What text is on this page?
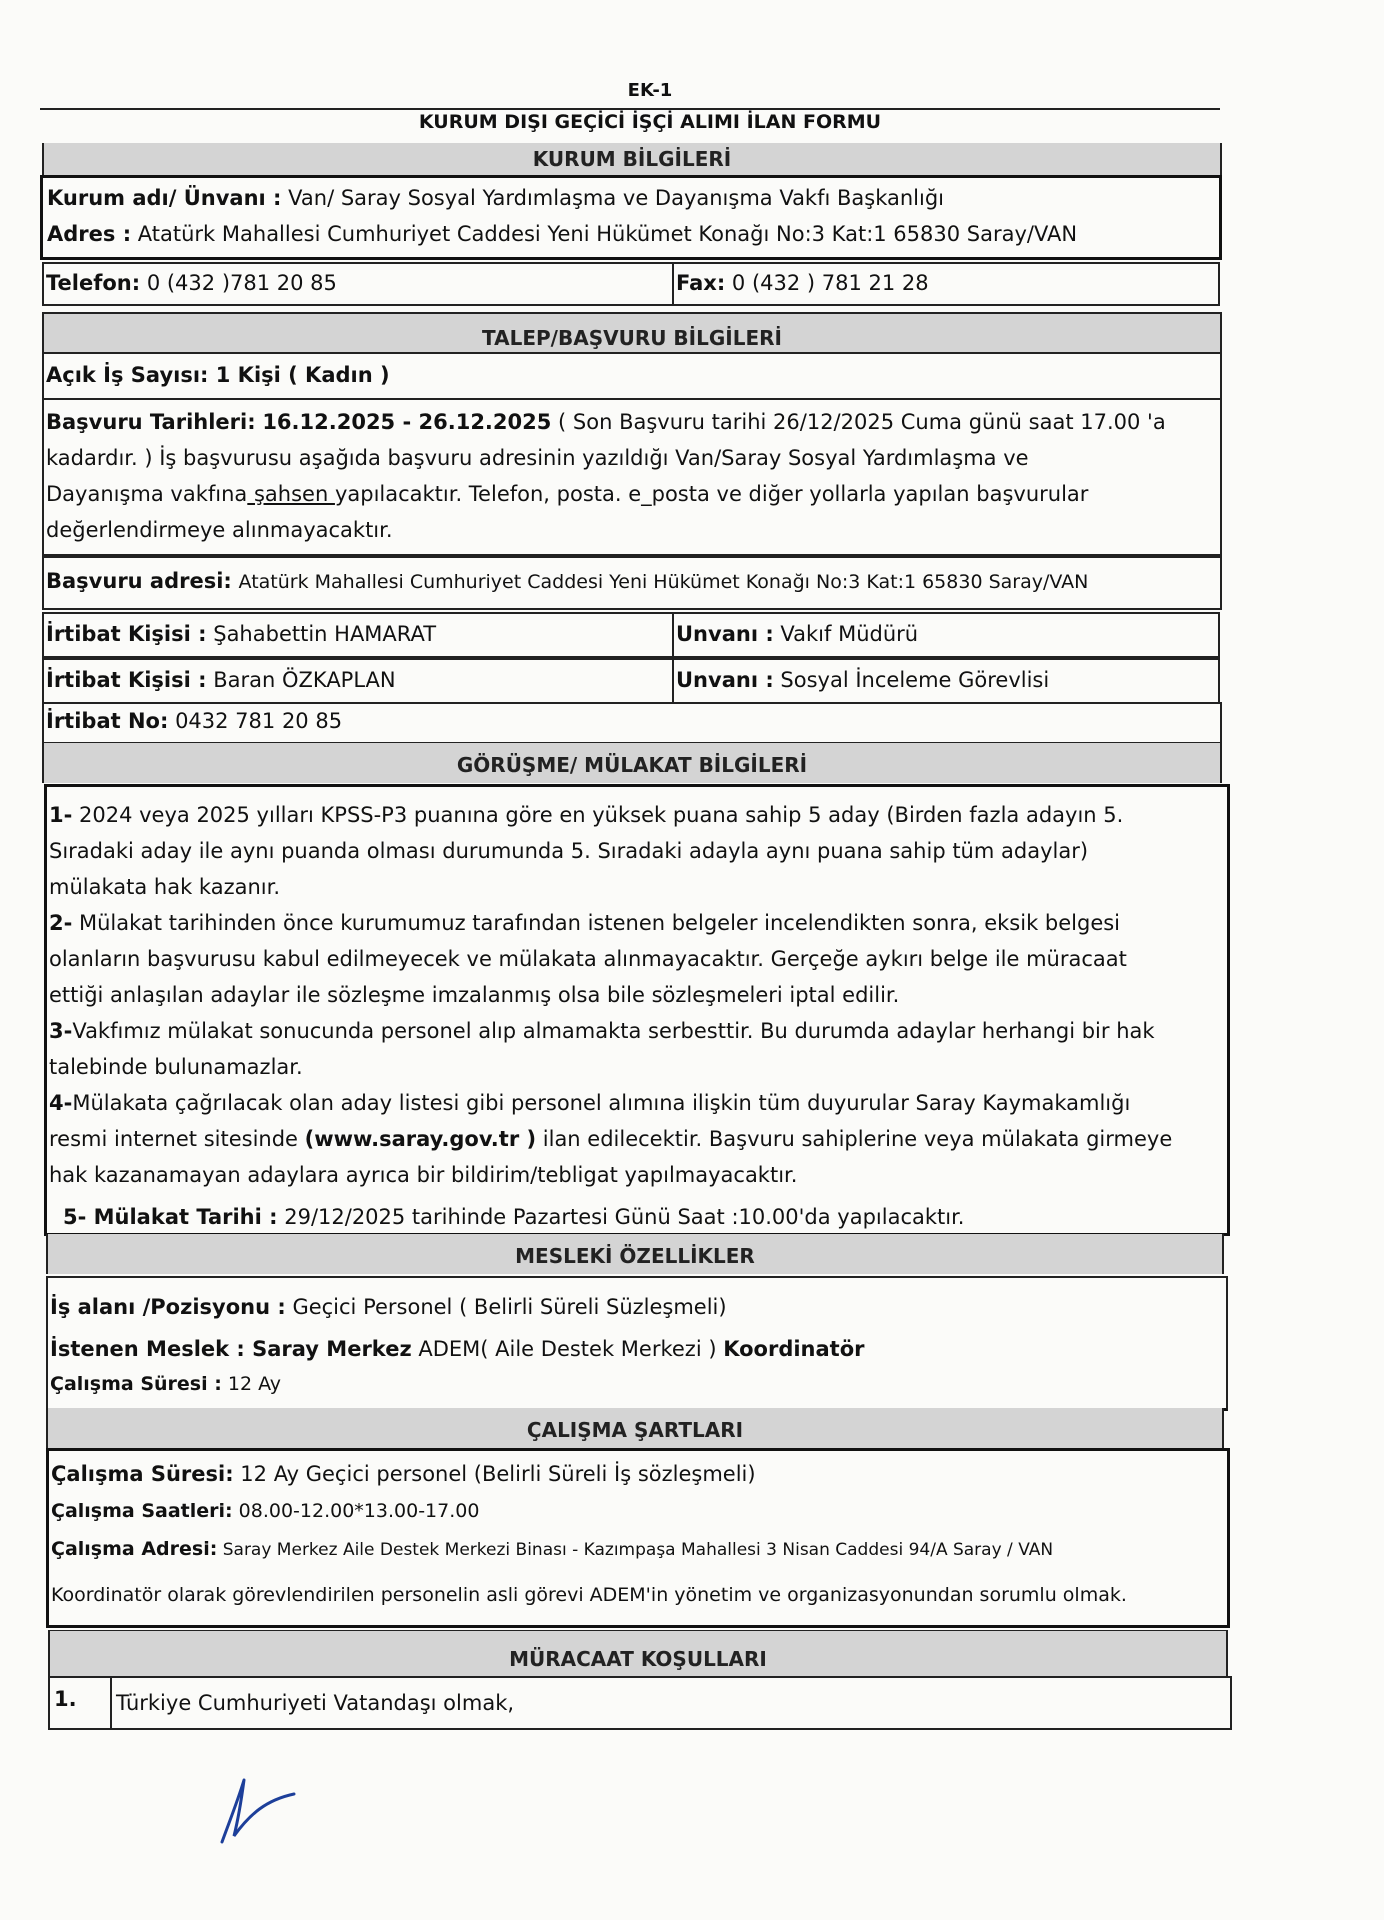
EK-1
KURUM DIŞI GEÇİCİ İŞÇİ ALIMI İLAN FORMU
KURUM BİLGİLERİ
Kurum adı/ Ünvanı : Van/ Saray Sosyal Yardımlaşma ve Dayanışma Vakfı Başkanlığı
Adres : Atatürk Mahallesi Cumhuriyet Caddesi Yeni Hükümet Konağı No:3 Kat:1 65830 Saray/VAN
Telefon: 0 (432 )781 20 85	Fax: 0 (432 ) 781 21 28
TALEP/BAŞVURU BİLGİLERİ
Açık İş Sayısı: 1 Kişi ( Kadın )
Başvuru Tarihleri: 16.12.2025 - 26.12.2025 ( Son Başvuru tarihi 26/12/2025 Cuma günü saat 17.00 'a
kadardır. ) İş başvurusu aşağıda başvuru adresinin yazıldığı Van/Saray Sosyal Yardımlaşma ve
Dayanışma vakfına şahsen yapılacaktır. Telefon, posta. e_posta ve diğer yollarla yapılan başvurular
değerlendirmeye alınmayacaktır.
Başvuru adresi: Atatürk Mahallesi Cumhuriyet Caddesi Yeni Hükümet Konağı No:3 Kat:1 65830 Saray/VAN
İrtibat Kişisi : Şahabettin HAMARAT	Unvanı : Vakıf Müdürü
İrtibat Kişisi : Baran ÖZKAPLAN	Unvanı : Sosyal İnceleme Görevlisi
İrtibat No: 0432 781 20 85
GÖRÜŞME/ MÜLAKAT BİLGİLERİ
1- 2024 veya 2025 yılları KPSS-P3 puanına göre en yüksek puana sahip 5 aday (Birden fazla adayın 5.
Sıradaki aday ile aynı puanda olması durumunda 5. Sıradaki adayla aynı puana sahip tüm adaylar)
mülakata hak kazanır.
2- Mülakat tarihinden önce kurumumuz tarafından istenen belgeler incelendikten sonra, eksik belgesi
olanların başvurusu kabul edilmeyecek ve mülakata alınmayacaktır. Gerçeğe aykırı belge ile müracaat
ettiği anlaşılan adaylar ile sözleşme imzalanmış olsa bile sözleşmeleri iptal edilir.
3-Vakfımız mülakat sonucunda personel alıp almamakta serbesttir. Bu durumda adaylar herhangi bir hak
talebinde bulunamazlar.
4-Mülakata çağrılacak olan aday listesi gibi personel alımına ilişkin tüm duyurular Saray Kaymakamlığı
resmi internet sitesinde (www.saray.gov.tr ) ilan edilecektir. Başvuru sahiplerine veya mülakata girmeye
hak kazanamayan adaylara ayrıca bir bildirim/tebligat yapılmayacaktır.
5- Mülakat Tarihi : 29/12/2025 tarihinde Pazartesi Günü Saat :10.00'da yapılacaktır.
MESLEKİ ÖZELLİKLER
İş alanı /Pozisyonu : Geçici Personel ( Belirli Süreli Süzleşmeli)
İstenen Meslek : Saray Merkez ADEM( Aile Destek Merkezi ) Koordinatör
Çalışma Süresi : 12 Ay
ÇALIŞMA ŞARTLARI
Çalışma Süresi: 12 Ay Geçici personel (Belirli Süreli İş sözleşmeli)
Çalışma Saatleri: 08.00-12.00*13.00-17.00
Çalışma Adresi: Saray Merkez Aile Destek Merkezi Binası - Kazımpaşa Mahallesi 3 Nisan Caddesi 94/A Saray / VAN
Koordinatör olarak görevlendirilen personelin asli görevi ADEM'in yönetim ve organizasyonundan sorumlu olmak.
MÜRACAAT KOŞULLARI
1. Türkiye Cumhuriyeti Vatandaşı olmak,
